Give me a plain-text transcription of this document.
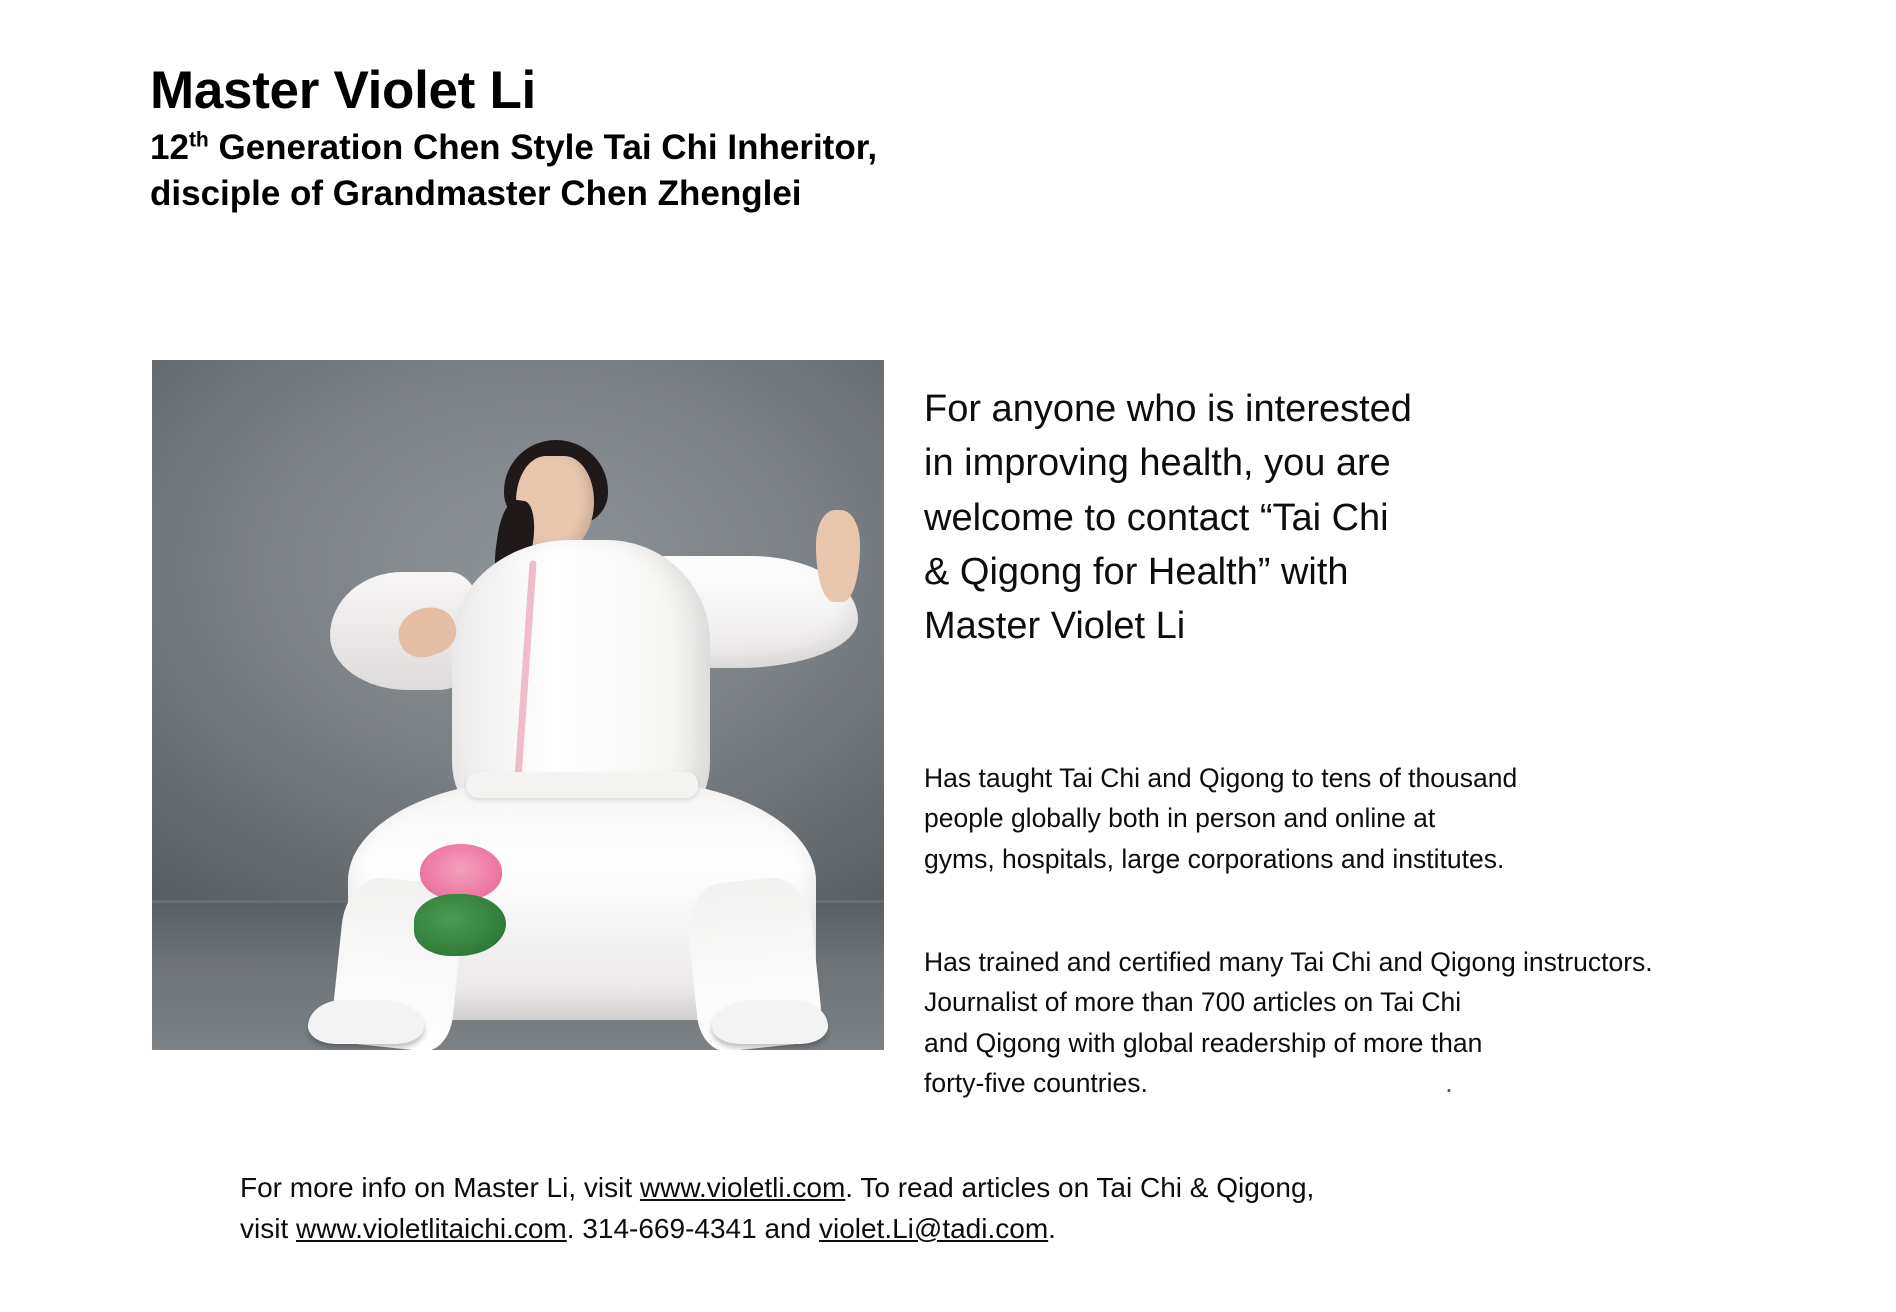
Master Violet Li
12th Generation Chen Style Tai Chi Inheritor,
disciple of Grandmaster Chen Zhenglei
For anyone who is interested
in improving health, you are
welcome to contact “Tai Chi
& Qigong for Health” with
Master Violet Li
Has taught Tai Chi and Qigong to tens of thousand
people globally both in person and online at
gyms, hospitals, large corporations and institutes.
Has trained and certified many Tai Chi and Qigong instructors.
Journalist of more than 700 articles on Tai Chi
and Qigong with global readership of more than
forty-five countries.	.
For more info on Master Li, visit www.violetli.com. To read articles on Tai Chi & Qigong,
visit www.violetlitaichi.com. 314-669-4341 and violet.Li@tadi.com.
